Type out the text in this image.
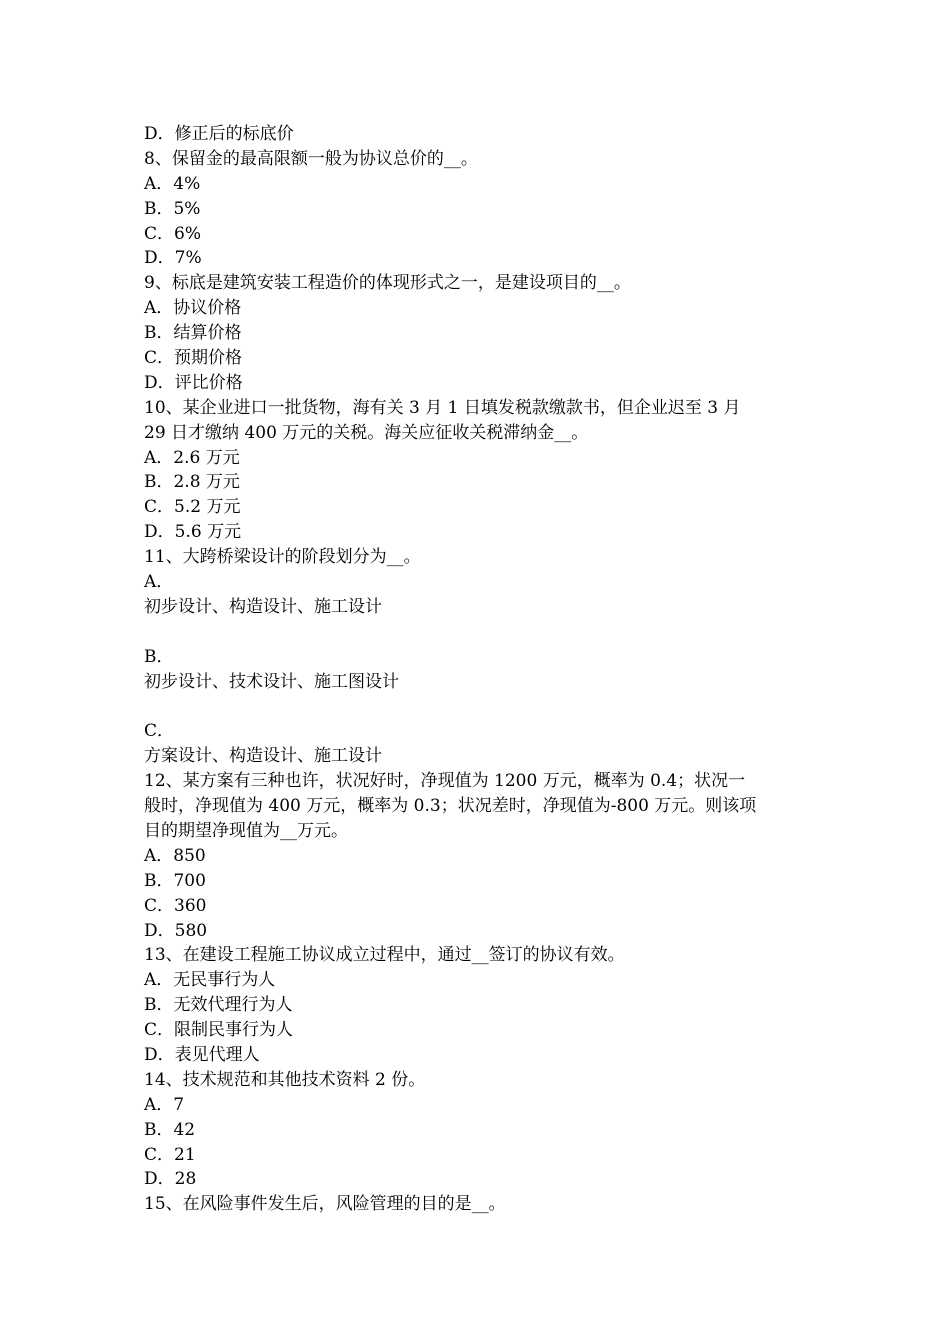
D．修正后的标底价
8、保留金的最高限额一般为协议总价的__。
A．4%
B．5%
C．6%
D．7%
9、标底是建筑安装工程造价的体现形式之一，是建设项目的__。
A．协议价格
B．结算价格
C．预期价格
D．评比价格
10、某企业进口一批货物，海有关 3 月 1 日填发税款缴款书，但企业迟至 3 月
29 日才缴纳 400 万元的关税。海关应征收关税滞纳金__。
A．2.6 万元
B．2.8 万元
C．5.2 万元
D．5.6 万元
11、大跨桥梁设计的阶段划分为__。
A．
初步设计、构造设计、施工设计
B．
初步设计、技术设计、施工图设计
C．
方案设计、构造设计、施工设计
12、某方案有三种也许，状况好时，净现值为 1200 万元，概率为 0.4；状况一
般时，净现值为 400 万元，概率为 0.3；状况差时，净现值为-800 万元。则该项
目的期望净现值为__万元。
A．850
B．700
C．360
D．580
13、在建设工程施工协议成立过程中，通过__签订的协议有效。
A．无民事行为人
B．无效代理行为人
C．限制民事行为人
D．表见代理人
14、技术规范和其他技术资料 2 份。
A．7
B．42
C．21
D．28
15、在风险事件发生后，风险管理的目的是__。
